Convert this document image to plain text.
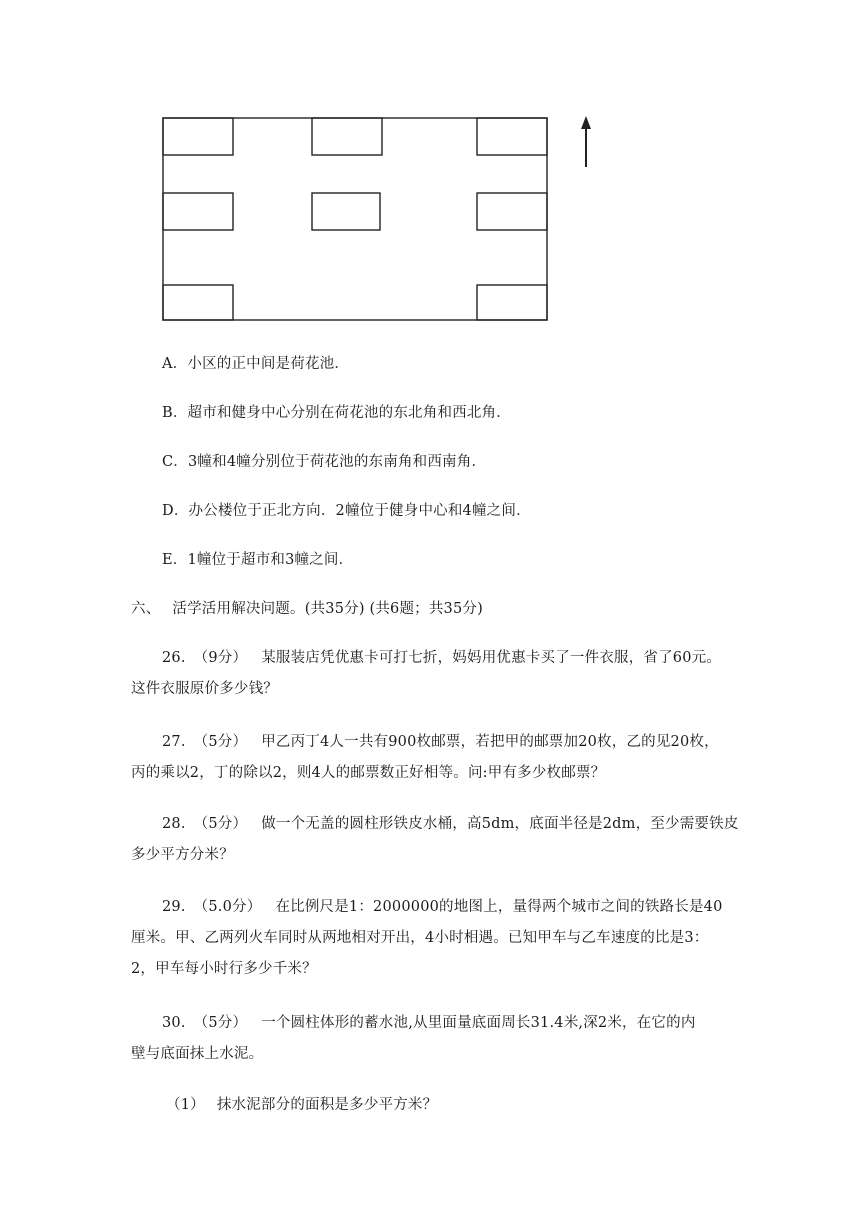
A．小区的正中间是荷花池．
B．超市和健身中心分别在荷花池的东北角和西北角．
C．3幢和4幢分别位于荷花池的东南角和西南角．
D．办公楼位于正北方向．2幢位于健身中心和4幢之间．
E．1幢位于超市和3幢之间．
六、 活学活用解决问题。(共35分) (共6题；共35分)
26. （9分） 某服装店凭优惠卡可打七折，妈妈用优惠卡买了一件衣服，省了60元。
这件衣服原价多少钱？
27. （5分） 甲乙丙丁4人一共有900枚邮票，若把甲的邮票加20枚，乙的见20枚，
丙的乘以2，丁的除以2，则4人的邮票数正好相等。问:甲有多少枚邮票？
28. （5分） 做一个无盖的圆柱形铁皮水桶，高5dm，底面半径是2dm，至少需要铁皮
多少平方分米？
29. （5.0分） 在比例尺是1：2000000的地图上，量得两个城市之间的铁路长是40
厘米。甲、乙两列火车同时从两地相对开出，4小时相遇。已知甲车与乙车速度的比是3：
2，甲车每小时行多少千米？
30. （5分） 一个圆柱体形的蓄水池,从里面量底面周长31.4米,深2米，在它的内
壁与底面抹上水泥。
（1） 抹水泥部分的面积是多少平方米？
